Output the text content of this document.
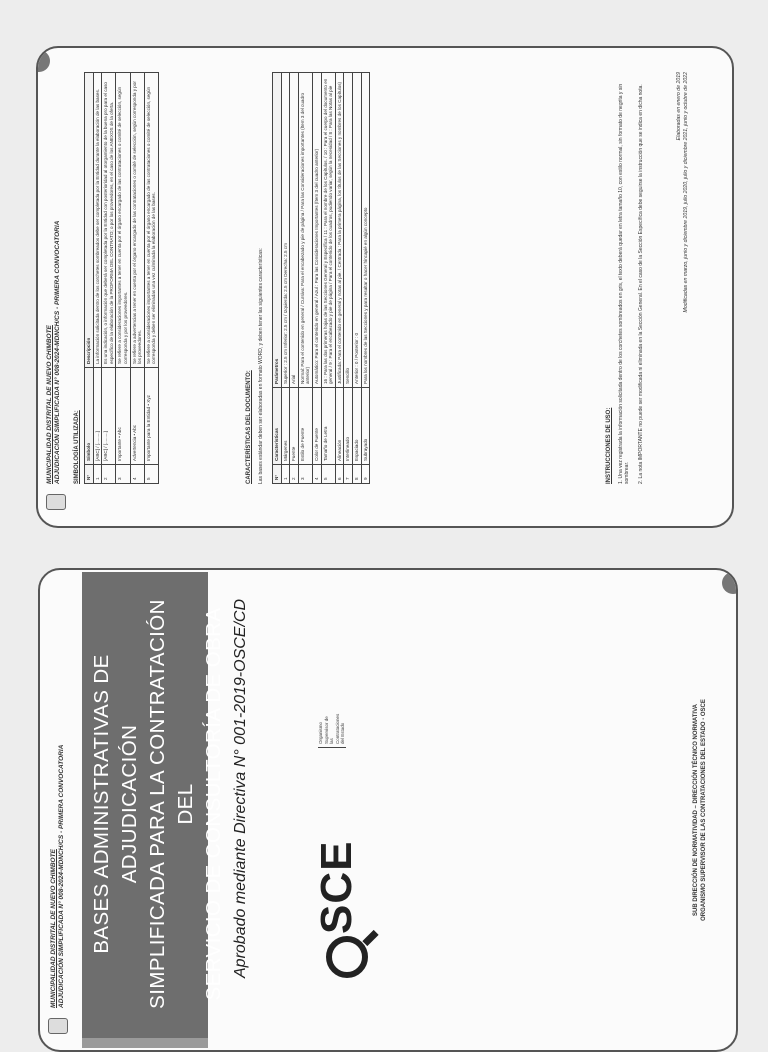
MUNICIPALIDAD DISTRITAL DE NUEVO CHIMBOTE ADJUDICACIÓN SIMPLIFICADA N° 008-2024-MDNCH/CS - PRIMERA CONVOCATORIA SIMBOLOGÍA UTILIZADA: N°	Símbolo	Descripción
1	[ABC] / [.........]	La información solicitada dentro de los corchetes sombreados debe ser completada por la Entidad durante la elaboración de las bases.
2	[ABC] / [.........]	Es una indicación, o información que deberá ser completada por la Entidad con posterioridad al otorgamiento de la buena pro para el caso específico de la elaboración de la PROFORMA DEL CONTRATO; o por los proveedores, en el caso de los ANEXOS de la oferta.
3	Importante • Abc	Se refiere a consideraciones importantes a tener en cuenta por el órgano encargado de las contrataciones o comité de selección, según corresponda y por los proveedores.
4	Advertencia • Abc	Se refiere a advertencias a tener en cuenta por el órgano encargado de las contrataciones o comité de selección, según corresponda y por los proveedores.
5	Importante para la Entidad • Xyz	Se refiere a consideraciones importantes a tener en cuenta por el órgano encargado de las contrataciones o comité de selección, según corresponda y deben ser eliminadas una vez culminada la elaboración de las bases.
CARACTERÍSTICAS DEL DOCUMENTO: Las bases estándar deben ser elaboradas en formato WORD, y deben tener las siguientes características: N°	Características	Parámetros
1	Márgenes	Superior : 2.5 cm Inferior: 2.5 cm / Izquierda: 2.5 cm Derecha: 2.5 cm
2	Fuente	Arial
3	Estilo de Fuente	Normal: Para el contenido en general / Cursiva: Para el encabezado y pie de página / Para las Consideraciones importantes (Ítem 3 del cuadro anterior)
4	Color de Fuente	Automático: Para el contenido en general / Azul : Para las Consideraciones Importantes (Ítem 3 del cuadro anterior)
5	Tamaño de Letra	16 : Para las dos primeras hojas de las Secciones General y Específica / 11 : Para el nombre de los Capítulos. / 10 : Para el cuerpo del documento en general / 9 : Para el encabezado y pie de página / Para el contenido de los cuadros, pudiendo variar, según la necesidad / 8 : Para las Notas al pie
6	Alineación	Justificada: Para el contenido en general y notas al pie. / Centrada : Para la primera página, los títulos de las Secciones y nombres de los Capítulos)
7	Interlineado	Sencillo
8	Espaciado	Anterior : 0 / Posterior : 0
9	Subrayado	Para los nombres de las Secciones y para resaltar o hacer hincapié en algún concepto
INSTRUCCIONES DE USO: 1. Una vez registrada la información solicitada dentro de los corchetes sombreados en gris, el texto deberá quedar en letra tamaño 10, con estilo normal, sin formato de negrita y sin sombrear. 2. La nota IMPORTANTE no puede ser modificada ni eliminada en la Sección General. En el caso de la Sección Específica debe seguirse la instrucción que se indica en dicha nota.	Elaboradas en enero de 2019 Modificadas en marzo, junio y diciembre 2019, julio 2020, julio y diciembre 2021, junio y octubre de 2022
MUNICIPALIDAD DISTRITAL DE NUEVO CHIMBOTE ADJUDICACIÓN SIMPLIFICADA N° 008-2024-MDNCH/CS - PRIMERA CONVOCATORIA BASES ADMINISTRATIVAS DE ADJUDICACIÓN SIMPLIFICADA PARA LA CONTRATACIÓN DEL SERVICIO DE CONSULTORÍA DE OBRA Aprobado mediante Directiva N° 001-2019-OSCE/CD SCE
Organismo Supervisor de las Contrataciones del Estado	SUB DIRECCIÓN DE NORMATIVIDAD – DIRECCIÓN TÉCNICO NORMATIVA ORGANISMO SUPERVISOR DE LAS CONTRATACIONES DEL ESTADO - OSCE
